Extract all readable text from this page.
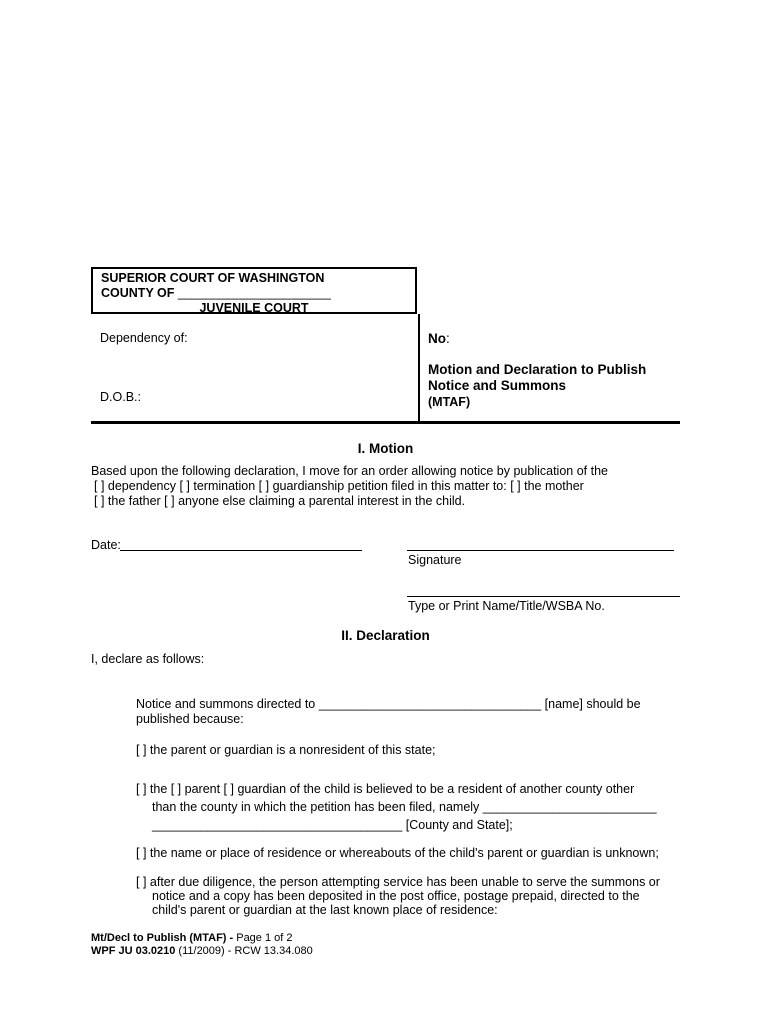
SUPERIOR COURT OF WASHINGTON
COUNTY OF ______________________
JUVENILE COURT
Dependency of:
D.O.B.:
No:
Motion and Declaration to Publish
Notice and Summons
(MTAF)
I. Motion
Based upon the following declaration, I move for an order allowing notice by publication of the
[ ] dependency [ ] termination [ ] guardianship petition filed in this matter to: [ ] the mother
[ ] the father [ ] anyone else claiming a parental interest in the child.
Date:
Signature
Type or Print Name/Title/WSBA No.
II. Declaration
I, declare as follows:
Notice and summons directed to ________________________________ [name] should be
published because:
[ ] the parent or guardian is a nonresident of this state;
[ ] the [ ] parent [ ] guardian of the child is believed to be a resident of another county other
than the county in which the petition has been filed, namely _________________________
____________________________________ [County and State];
[ ] the name or place of residence or whereabouts of the child's parent or guardian is unknown;
[ ] after due diligence, the person attempting service has been unable to serve the summons or
notice and a copy has been deposited in the post office, postage prepaid, directed to the
child's parent or guardian at the last known place of residence:
Mt/Decl to Publish (MTAF) - Page 1 of 2
WPF JU 03.0210 (11/2009) - RCW 13.34.080
